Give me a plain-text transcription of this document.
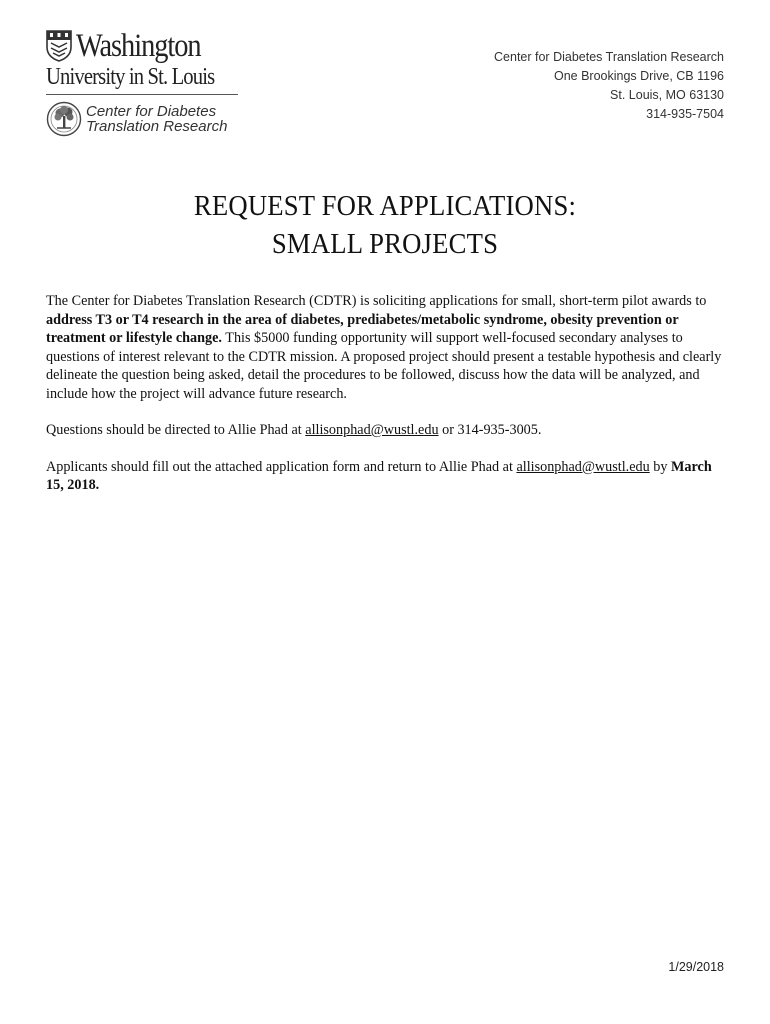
Washington
University in St. Louis
Center for Diabetes
Translation Research
Center for Diabetes Translation Research
One Brookings Drive, CB 1196
St. Louis, MO 63130
314-935-7504
REQUEST FOR APPLICATIONS:
SMALL PROJECTS

The Center for Diabetes Translation Research (CDTR) is soliciting applications for small, short-term pilot awards to address T3 or T4 research in the area of diabetes, prediabetes/metabolic syndrome, obesity prevention or treatment or lifestyle change. This $5000 funding opportunity will support well-focused secondary analyses to questions of interest relevant to the CDTR mission. A proposed project should present a testable hypothesis and clearly delineate the question being asked, detail the procedures to be followed, discuss how the data will be analyzed, and include how the project will advance future research.

Questions should be directed to Allie Phad at allisonphad@wustl.edu or 314-935-3005.

Applicants should fill out the attached application form and return to Allie Phad at allisonphad@wustl.edu by March 15, 2018.

1/29/2018
